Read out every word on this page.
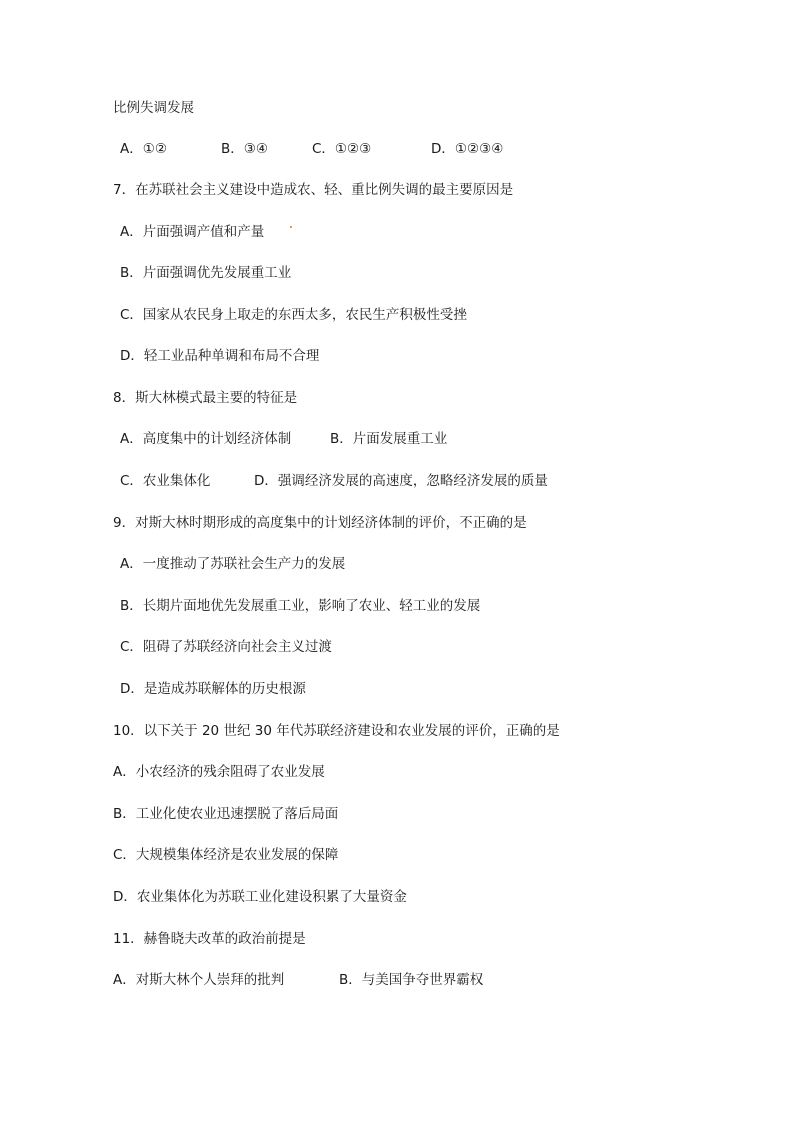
比例失调发展

A．①②

	B．③④

	C．①②③

	D．①②③④

7．在苏联社会主义建设中造成农、轻、重比例失调的最主要原因是
A．片面强调产值和产量
B．片面强调优先发展重工业
C．国家从农民身上取走的东西太多，农民生产积极性受挫
D．轻工业品种单调和布局不合理
8．斯大林模式最主要的特征是

A．高度集中的计划经济体制

	B．片面发展重工业

C．农业集体化

	D．强调经济发展的高速度，忽略经济发展的质量

9．对斯大林时期形成的高度集中的计划经济体制的评价，不正确的是
A．一度推动了苏联社会生产力的发展
B．长期片面地优先发展重工业，影响了农业、轻工业的发展
C．阻碍了苏联经济向社会主义过渡
D．是造成苏联解体的历史根源
10．以下关于 20 世纪 30 年代苏联经济建设和农业发展的评价，正确的是
A．小农经济的残余阻碍了农业发展
B．工业化使农业迅速摆脱了落后局面
C．大规模集体经济是农业发展的保障
D．农业集体化为苏联工业化建设积累了大量资金
11．赫鲁晓夫改革的政治前提是

A．对斯大林个人崇拜的批判

	B．与美国争夺世界霸权
